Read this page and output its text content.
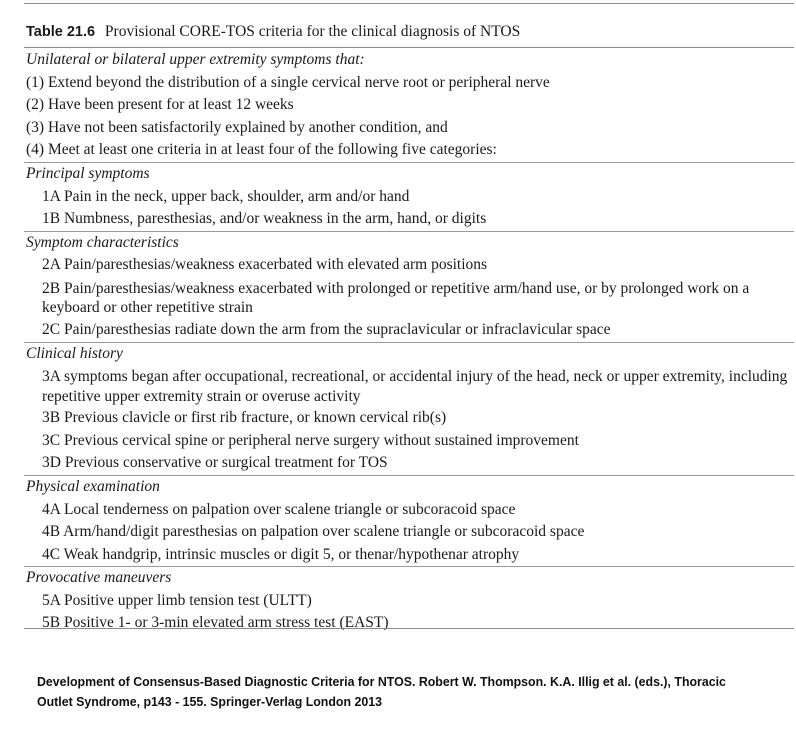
Table 21.6 Provisional CORE-TOS criteria for the clinical diagnosis of NTOS
Unilateral or bilateral upper extremity symptoms that:
(1) Extend beyond the distribution of a single cervical nerve root or peripheral nerve
(2) Have been present for at least 12 weeks
(3) Have not been satisfactorily explained by another condition, and
(4) Meet at least one criteria in at least four of the following five categories:
Principal symptoms
1A Pain in the neck, upper back, shoulder, arm and/or hand
1B Numbness, paresthesias, and/or weakness in the arm, hand, or digits
Symptom characteristics
2A Pain/paresthesias/weakness exacerbated with elevated arm positions
2B Pain/paresthesias/weakness exacerbated with prolonged or repetitive arm/hand use, or by prolonged work on a keyboard or other repetitive strain
2C Pain/paresthesias radiate down the arm from the supraclavicular or infraclavicular space
Clinical history
3A symptoms began after occupational, recreational, or accidental injury of the head, neck or upper extremity, including repetitive upper extremity strain or overuse activity
3B Previous clavicle or first rib fracture, or known cervical rib(s)
3C Previous cervical spine or peripheral nerve surgery without sustained improvement
3D Previous conservative or surgical treatment for TOS
Physical examination
4A Local tenderness on palpation over scalene triangle or subcoracoid space
4B Arm/hand/digit paresthesias on palpation over scalene triangle or subcoracoid space
4C Weak handgrip, intrinsic muscles or digit 5, or thenar/hypothenar atrophy
Provocative maneuvers
5A Positive upper limb tension test (ULTT)
5B Positive 1- or 3-min elevated arm stress test (EAST)
Development of Consensus-Based Diagnostic Criteria for NTOS. Robert W. Thompson. K.A. Illig et al. (eds.), Thoracic
Outlet Syndrome, p143 - 155. Springer-Verlag London 2013
